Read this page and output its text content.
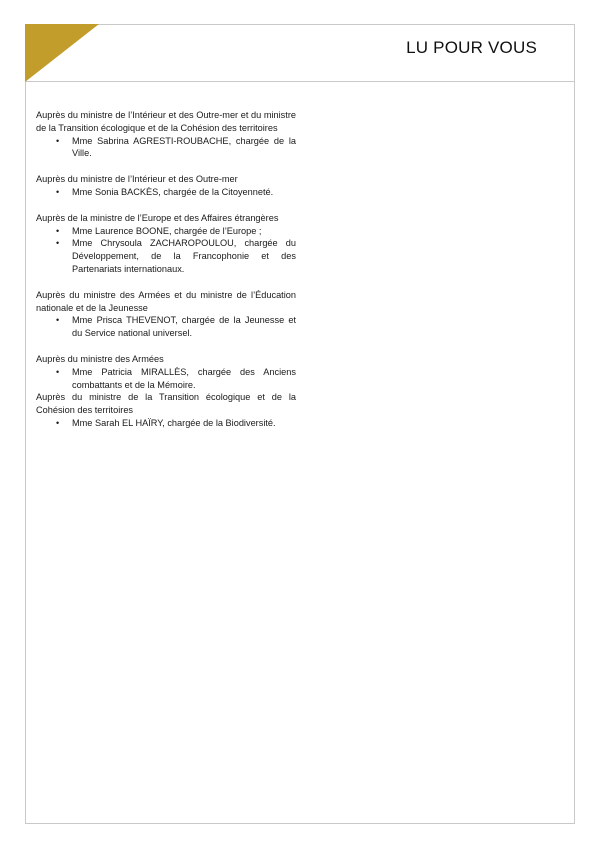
LU POUR VOUS
Auprès du ministre de l’Intérieur et des Outre-mer et du ministre de la Transition écologique et de la Cohésion des territoires
• Mme Sabrina AGRESTI-ROUBACHE, chargée de la Ville.
Auprès du ministre de l’Intérieur et des Outre-mer
• Mme Sonia BACKÈS, chargée de la Citoyenneté.
Auprès de la ministre de l’Europe et des Affaires étrangères
• Mme Laurence BOONE, chargée de l’Europe ;
• Mme Chrysoula ZACHAROPOULOU, chargée du Développement, de la Francophonie et des Partenariats internationaux.
Auprès du ministre des Armées et du ministre de l’Éducation nationale et de la Jeunesse
• Mme Prisca THEVENOT, chargée de la Jeunesse et du Service national universel.
Auprès du ministre des Armées
• Mme Patricia MIRALLÈS, chargée des Anciens combattants et de la Mémoire.
Auprès du ministre de la Transition écologique et de la Cohésion des territoires
• Mme Sarah EL HAÏRY, chargée de la Biodiversité.
